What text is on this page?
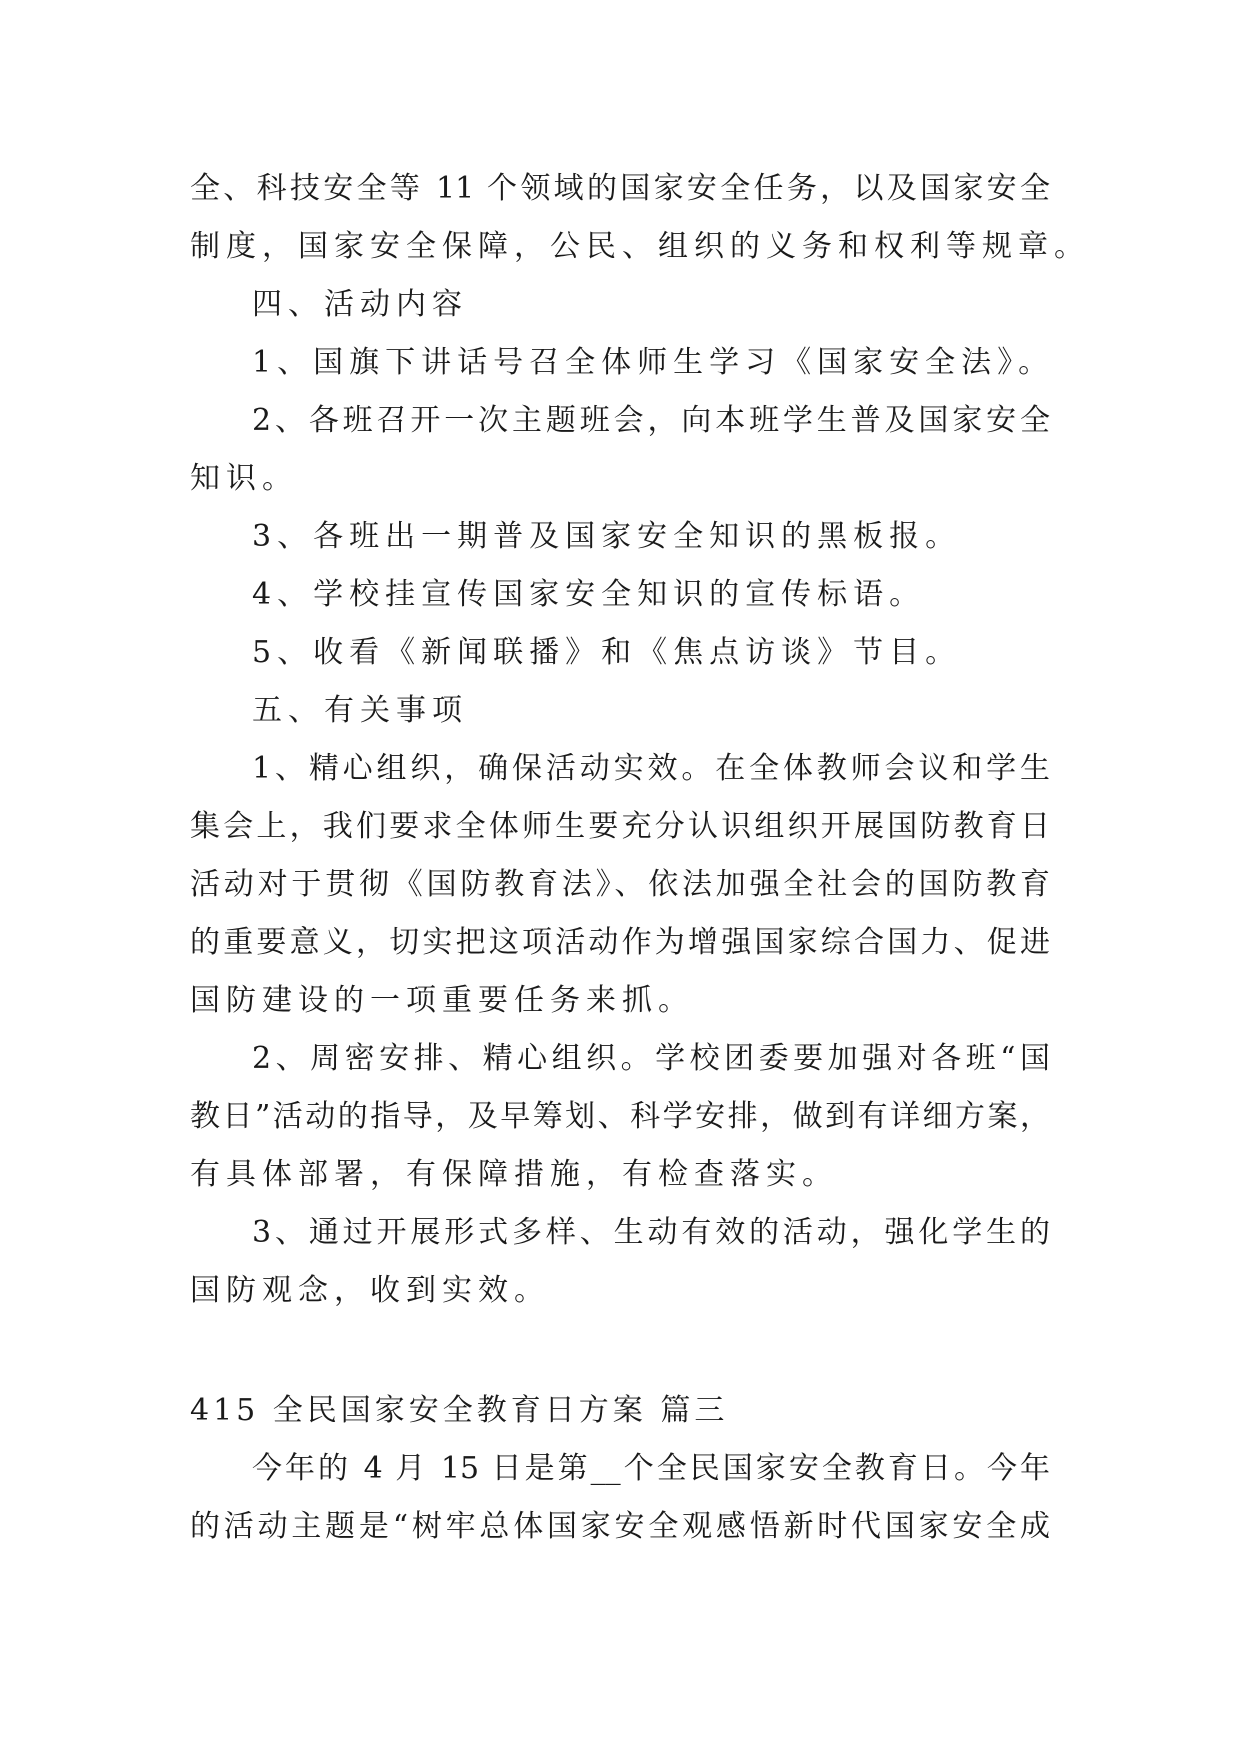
全、科技安全等 11 个领域的国家安全任务，以及国家安全
制度，国家安全保障，公民、组织的义务和权利等规章。
四、活动内容
1、国旗下讲话号召全体师生学习《国家安全法》。
2、各班召开一次主题班会，向本班学生普及国家安全
知识。
3、各班出一期普及国家安全知识的黑板报。
4、学校挂宣传国家安全知识的宣传标语。
5、收看《新闻联播》和《焦点访谈》节目。
五、有关事项
1、精心组织，确保活动实效。在全体教师会议和学生
集会上，我们要求全体师生要充分认识组织开展国防教育日
活动对于贯彻《国防教育法》、依法加强全社会的国防教育
的重要意义，切实把这项活动作为增强国家综合国力、促进
国防建设的一项重要任务来抓。
2、周密安排、精心组织。学校团委要加强对各班“国
教日”活动的指导，及早筹划、科学安排，做到有详细方案，
有具体部署，有保障措施，有检查落实。
3、通过开展形式多样、生动有效的活动，强化学生的
国防观念，收到实效。
415 全民国家安全教育日方案 篇三
今年的 4 月 15 日是第__个全民国家安全教育日。今年
的活动主题是“树牢总体国家安全观感悟新时代国家安全成
